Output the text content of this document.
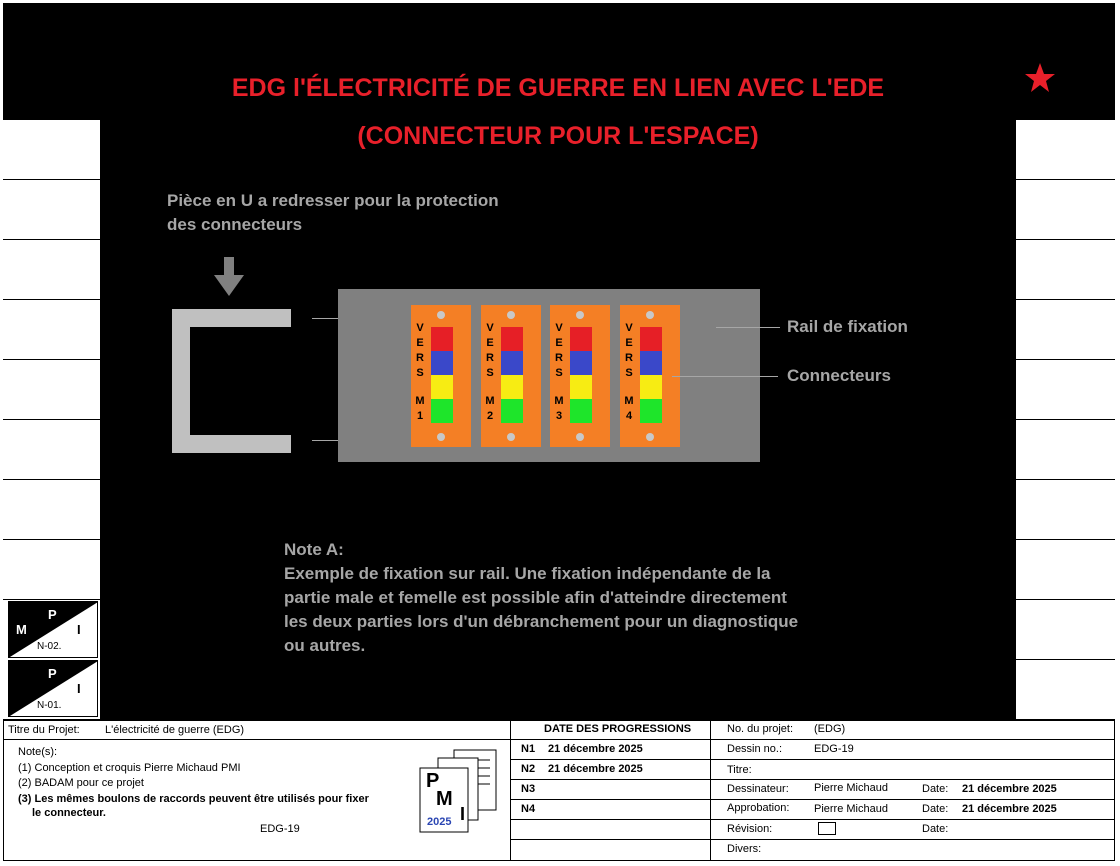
EDG l'ÉLECTRICITÉ DE GUERRE EN LIEN AVEC L'EDE
(CONNECTEUR POUR L'ESPACE)
Pièce en U a redresser pour la protection
des connecteurs
V
E
R
S
M
1
V
E
R
S
M
2
V
E
R
S
M
3
V
E
R
S
M
4
Rail de fixation
Connecteurs
Note A:
Exemple de fixation sur rail. Une fixation indépendante de la
partie male et femelle est possible afin d'atteindre directement
les deux parties lors d'un débranchement pour un diagnostique
ou autres.
M
P
I
N-02.
M
P
I
N-01.
Titre du Projet: L'électricité de guerre (EDG)
Note(s):
(1) Conception et croquis Pierre Michaud PMI
(2) BADAM pour ce projet
(3) Les mêmes boulons de raccords peuvent être utilisés pour fixer
le connecteur.
EDG-19
P
M
I
2025
DATE DES PROGRESSIONS
N1 21 décembre 2025
N2 21 décembre 2025
N3
N4
No. du projet: (EDG)
Dessin no.:	EDG-19
Titre:
Dessinateur: Pierre Michaud	Date: 21 décembre 2025
Approbation: Pierre Michaud	Date: 21 décembre 2025
Révision:	Date:
Divers:
